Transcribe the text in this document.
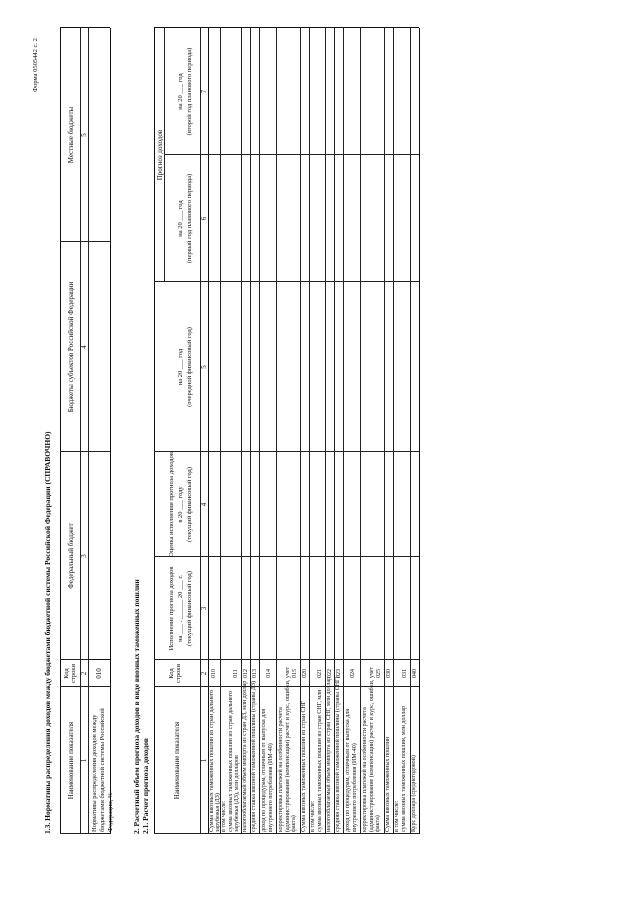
Форма 0505442 с. 2
1.3. Нормативы распределения доходов между бюджетами бюджетной системы Российской Федерации (СПРАВОЧНО) Наименование показателя
Код строки
Федеральный бюджет
Бюджеты субъектов Российской Федерации
Местные бюджеты
1
2
3
4
5
Нормативы распределения доходов между бюджетами бюджетной системы Российской Федерации, %
010	2. Расчетный объем прогноза доходов в виде ввозных таможенных пошлин 2.1. Расчет прогноза доходов	Наименование показателя
Код строки
Исполнение прогноза доходов на ___ . ______ 20 ___ г. (текущий финансовый год)
Оценка исполнения прогноза доходов в 20 ___ году (текущий финансовый год)
Прогноз доходов
на 20 ___ год (очередной финансовый год)
на 20 ___ год (первый год планового периода)
на 20 ___ год (второй год планового периода)
1
2
3
4
5
6
7
Сумма ввозных таможенных пошлин из стран дальнего зарубежья (ДЗ)
010
в том числе: сумма ввозных таможенных пошлин из стран дальнего зарубежья (ДЗ), млн долларов
011
налогооблагаемый объем импорта из стран ДЗ, млн доллар
012
средняя ставка ввозной таможенной пошлины (страны ДЗ)
013
доход по процедурам, отличным от выпуска для внутреннего потребления (ИМ-40)
014
корректировка платежей на особенности расчета (администрирование (компенсации) расчет и курс, ошибки, учет факта)
015
Сумма ввозных таможенных пошлин из стран СНГ
020
в том числе: сумма ввозных таможенных пошлин из стран СНГ, млн
021
налогооблагаемый объем импорта из стран СНГ, млн доллар
022
средняя ставка ввозной таможенной пошлины (страны СНГ)
023
доход по процедурам, отличным от выпуска для внутреннего потребления (ИМ-40)
024
корректировка платежей на особенности расчета (администрирование (компенсации) расчет и курс, ошибки, учет факта)
025
Сумма ввозных таможенных пошлин
030
в том числе: сумма ввозных таможенных пошлин, млн доллар
031
Курс доллара (среднегодовой)
040
